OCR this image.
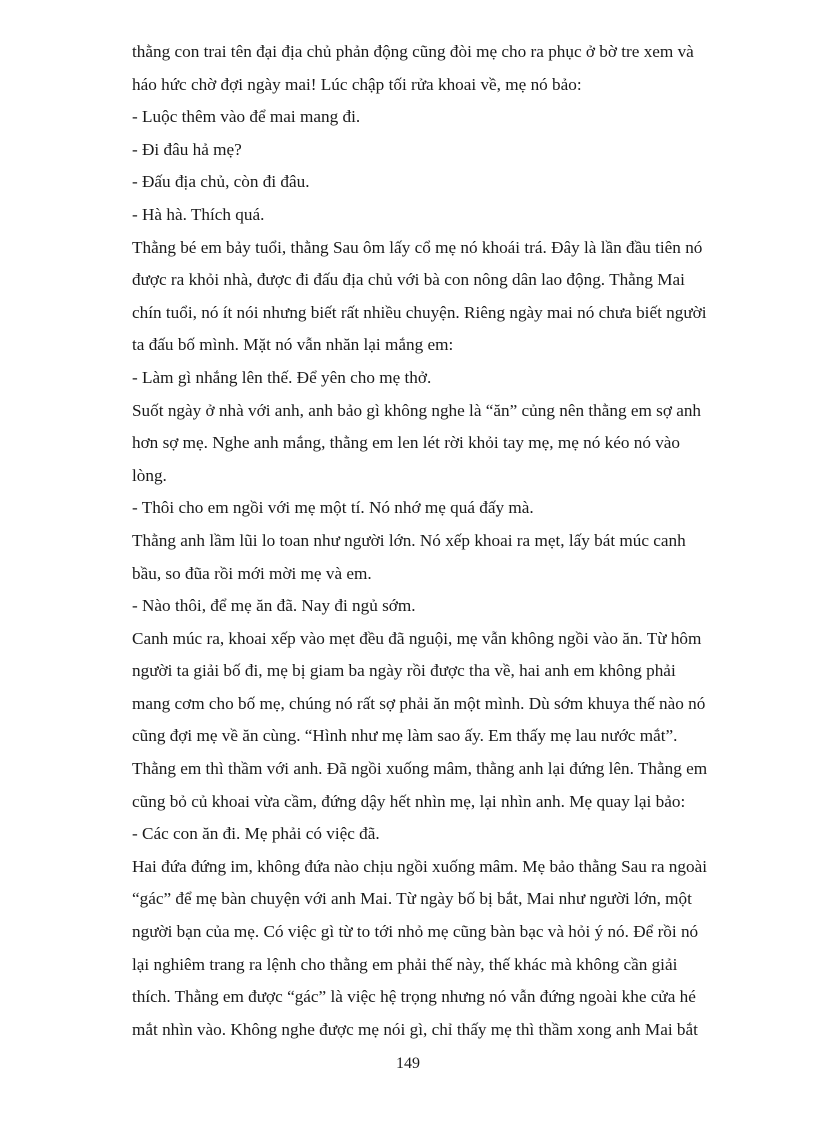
thằng con trai tên đại địa chủ phản động cũng đòi mẹ cho ra phục ở bờ tre xem và
háo hức chờ đợi ngày mai! Lúc chập tối rửa khoai về, mẹ nó bảo:
- Luộc thêm vào để mai mang đi.
- Đi đâu hả mẹ?
- Đấu địa chủ, còn đi đâu.
- Hà hà. Thích quá.
Thằng bé em bảy tuổi, thằng Sau ôm lấy cổ mẹ nó khoái trá. Đây là lần đầu tiên nó
được ra khỏi nhà, được đi đấu địa chủ với bà con nông dân lao động. Thằng Mai
chín tuổi, nó ít nói nhưng biết rất nhiều chuyện. Riêng ngày mai nó chưa biết người
ta đấu bố mình. Mặt nó vẫn nhăn lại mắng em:
- Làm gì nhắng lên thế. Để yên cho mẹ thở.
Suốt ngày ở nhà với anh, anh bảo gì không nghe là “ăn” củng nên thằng em sợ anh
hơn sợ mẹ. Nghe anh mắng, thằng em len lét rời khỏi tay mẹ, mẹ nó kéo nó vào
lòng.
- Thôi cho em ngồi với mẹ một tí. Nó nhớ mẹ quá đấy mà.
Thằng anh lầm lũi lo toan như người lớn. Nó xếp khoai ra mẹt, lấy bát múc canh
bầu, so đũa rồi mới mời mẹ và em.
- Nào thôi, để mẹ ăn đã. Nay đi ngủ sớm.
Canh múc ra, khoai xếp vào mẹt đều đã nguội, mẹ vẫn không ngồi vào ăn. Từ hôm
người ta giải bố đi, mẹ bị giam ba ngày rồi được tha về, hai anh em không phải
mang cơm cho bố mẹ, chúng nó rất sợ phải ăn một mình. Dù sớm khuya thế nào nó
cũng đợi mẹ về ăn cùng. “Hình như mẹ làm sao ấy. Em thấy mẹ lau nước mắt”.
Thằng em thì thầm với anh. Đã ngồi xuống mâm, thằng anh lại đứng lên. Thằng em
cũng bỏ củ khoai vừa cầm, đứng dậy hết nhìn mẹ, lại nhìn anh. Mẹ quay lại bảo:
- Các con ăn đi. Mẹ phải có việc đã.
Hai đứa đứng im, không đứa nào chịu ngồi xuống mâm. Mẹ bảo thằng Sau ra ngoài
“gác” để mẹ bàn chuyện với anh Mai. Từ ngày bố bị bắt, Mai như người lớn, một
người bạn của mẹ. Có việc gì từ to tới nhỏ mẹ cũng bàn bạc và hỏi ý nó. Để rồi nó
lại nghiêm trang ra lệnh cho thằng em phải thế này, thế khác mà không cần giải
thích. Thằng em được “gác” là việc hệ trọng nhưng nó vẫn đứng ngoài khe cửa hé
mắt nhìn vào. Không nghe được mẹ nói gì, chỉ thấy mẹ thì thầm xong anh Mai bắt
149
